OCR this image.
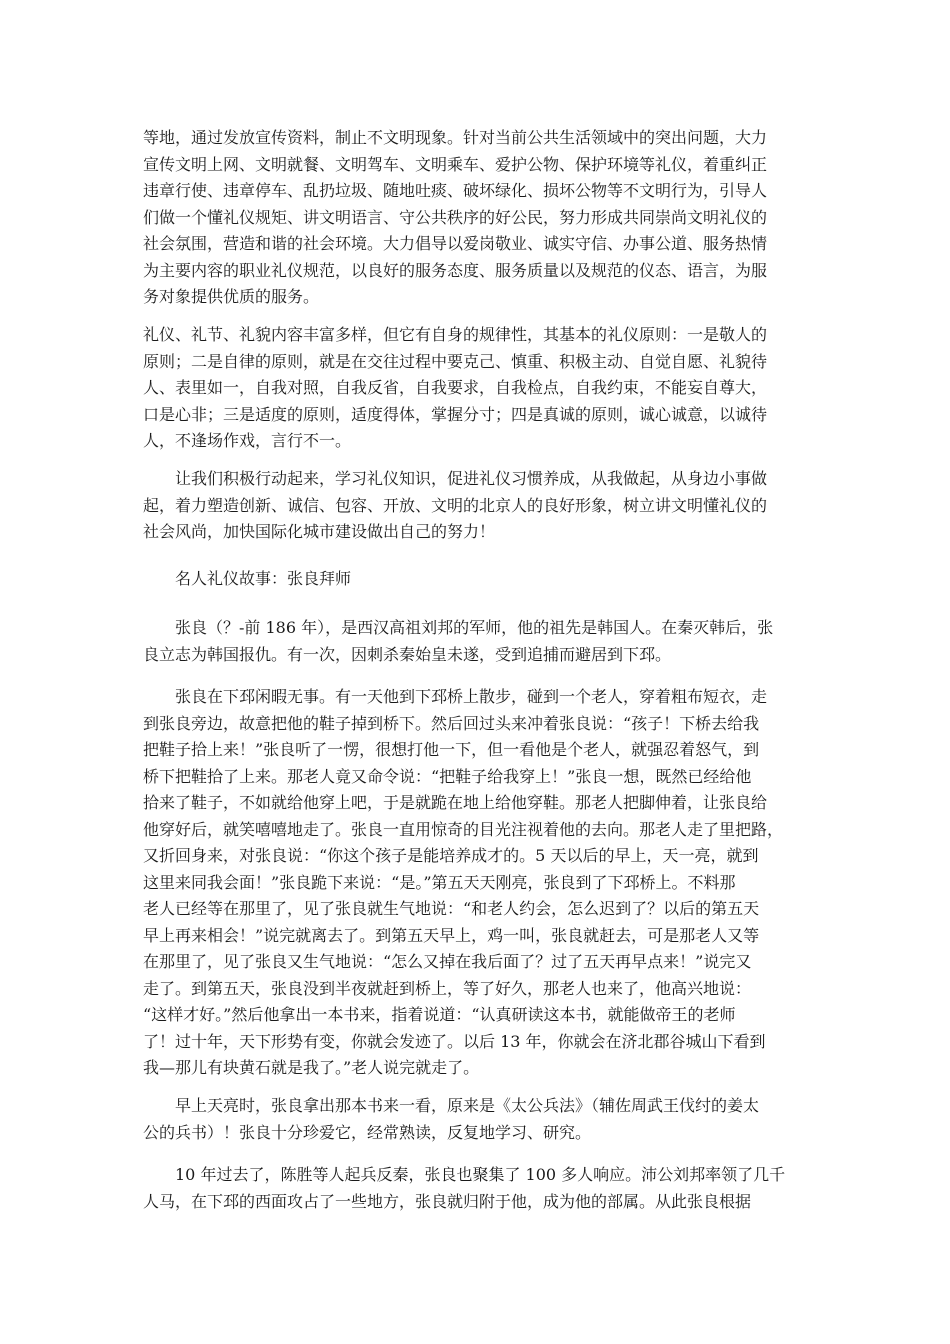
等地，通过发放宣传资料，制止不文明现象。针对当前公共生活领域中的突出问题，大力
宣传文明上网、文明就餐、文明驾车、文明乘车、爱护公物、保护环境等礼仪，着重纠正
违章行使、违章停车、乱扔垃圾、随地吐痰、破坏绿化、损坏公物等不文明行为，引导人
们做一个懂礼仪规矩、讲文明语言、守公共秩序的好公民，努力形成共同崇尚文明礼仪的
社会氛围，营造和谐的社会环境。大力倡导以爱岗敬业、诚实守信、办事公道、服务热情
为主要内容的职业礼仪规范，以良好的服务态度、服务质量以及规范的仪态、语言，为服
务对象提供优质的服务。
礼仪、礼节、礼貌内容丰富多样，但它有自身的规律性，其基本的礼仪原则：一是敬人的
原则；二是自律的原则，就是在交往过程中要克己、慎重、积极主动、自觉自愿、礼貌待
人、表里如一，自我对照，自我反省，自我要求，自我检点，自我约束，不能妄自尊大，
口是心非；三是适度的原则，适度得体，掌握分寸；四是真诚的原则，诚心诚意，以诚待
人，不逢场作戏，言行不一。
让我们积极行动起来，学习礼仪知识，促进礼仪习惯养成，从我做起，从身边小事做
起，着力塑造创新、诚信、包容、开放、文明的北京人的良好形象，树立讲文明懂礼仪的
社会风尚，加快国际化城市建设做出自己的努力！
名人礼仪故事：张良拜师
张良（？-前 186 年），是西汉高祖刘邦的军师，他的祖先是韩国人。在秦灭韩后，张
良立志为韩国报仇。有一次，因刺杀秦始皇未遂，受到追捕而避居到下邳。
张良在下邳闲暇无事。有一天他到下邳桥上散步，碰到一个老人，穿着粗布短衣，走
到张良旁边，故意把他的鞋子掉到桥下。然后回过头来冲着张良说：“孩子！下桥去给我
把鞋子拾上来！”张良听了一愣，很想打他一下，但一看他是个老人，就强忍着怒气，到
桥下把鞋拾了上来。那老人竟又命令说：“把鞋子给我穿上！”张良一想，既然已经给他
拾来了鞋子，不如就给他穿上吧，于是就跪在地上给他穿鞋。那老人把脚伸着，让张良给
他穿好后，就笑嘻嘻地走了。张良一直用惊奇的目光注视着他的去向。那老人走了里把路，
又折回身来，对张良说：“你这个孩子是能培养成才的。5 天以后的早上，天一亮，就到
这里来同我会面！”张良跪下来说：“是。”第五天天刚亮，张良到了下邳桥上。不料那
老人已经等在那里了，见了张良就生气地说：“和老人约会，怎么迟到了？以后的第五天
早上再来相会！”说完就离去了。到第五天早上，鸡一叫，张良就赶去，可是那老人又等
在那里了，见了张良又生气地说：“怎么又掉在我后面了？过了五天再早点来！”说完又
走了。到第五天，张良没到半夜就赶到桥上，等了好久，那老人也来了，他高兴地说：
“这样才好。”然后他拿出一本书来，指着说道：“认真研读这本书，就能做帝王的老师
了！过十年，天下形势有变，你就会发迹了。以后 13 年，你就会在济北郡谷城山下看到
我—那儿有块黄石就是我了。”老人说完就走了。
早上天亮时，张良拿出那本书来一看，原来是《太公兵法》（辅佐周武王伐纣的姜太
公的兵书）！张良十分珍爱它，经常熟读，反复地学习、研究。
10 年过去了，陈胜等人起兵反秦，张良也聚集了 100 多人响应。沛公刘邦率领了几千
人马，在下邳的西面攻占了一些地方，张良就归附于他，成为他的部属。从此张良根据
